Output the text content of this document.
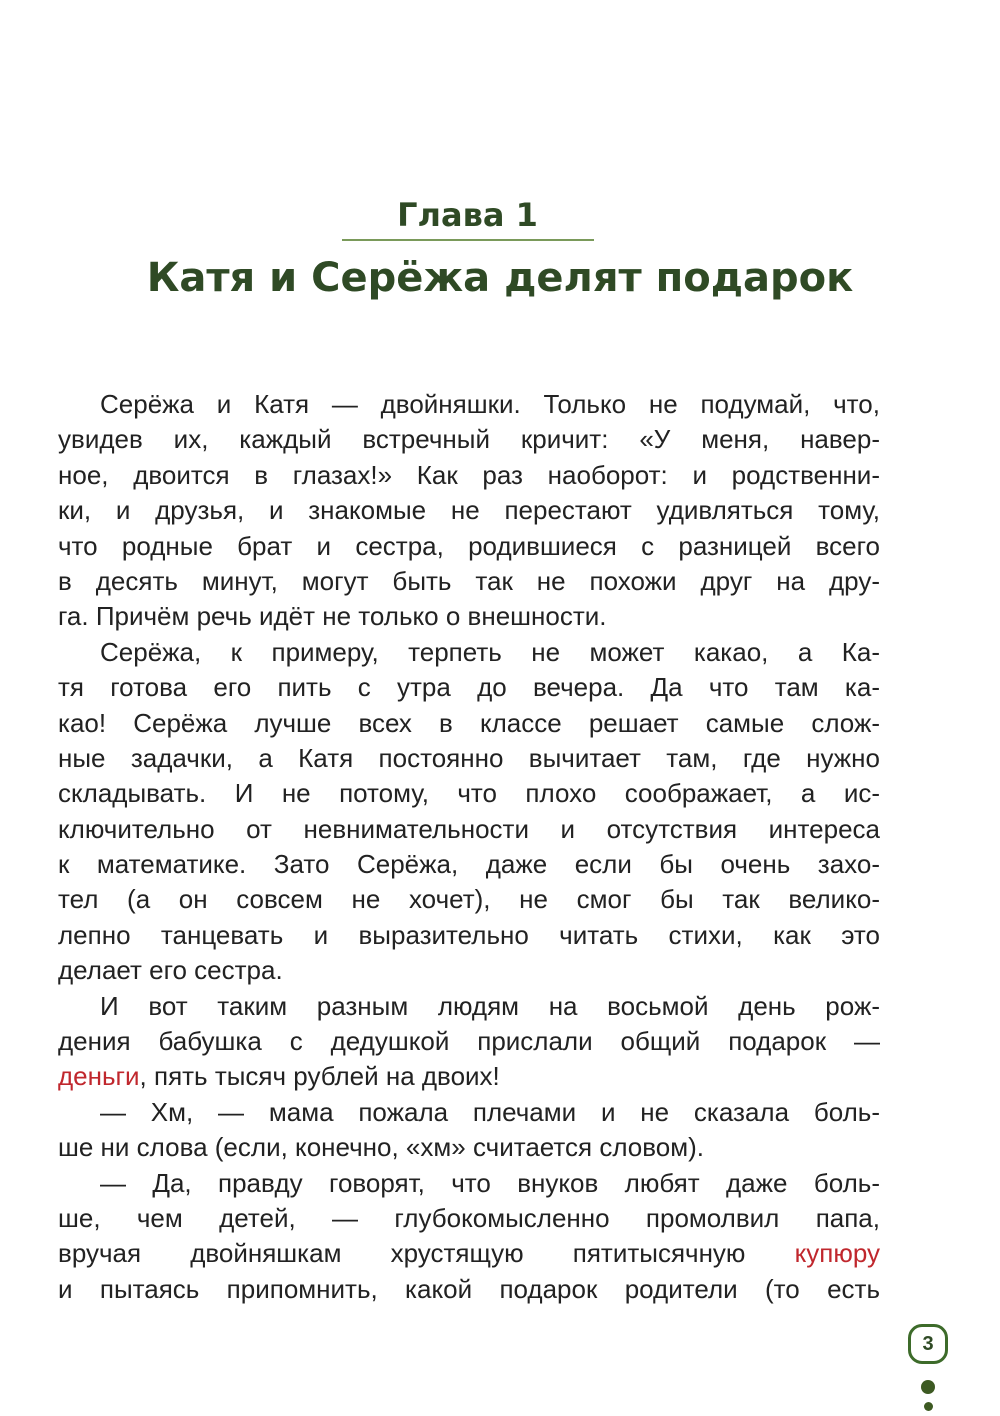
Глава 1
Катя и Серёжа делят подарок
Серёжа и Катя — двойняшки. Только не подумай, что,
увидев их, каждый встречный кричит: «У меня, навер-
ное, двоится в глазах!» Как раз наоборот: и родственни-
ки, и друзья, и знакомые не перестают удивляться тому,
что родные брат и сестра, родившиеся с разницей всего
в десять минут, могут быть так не похожи друг на дру-
га. Причём речь идёт не только о внешности.
Серёжа, к примеру, терпеть не может какао, а Ка-
тя готова его пить с утра до вечера. Да что там ка-
као! Серёжа лучше всех в классе решает самые слож-
ные задачки, а Катя постоянно вычитает там, где нужно
складывать. И не потому, что плохо соображает, а ис-
ключительно от невнимательности и отсутствия интереса
к математике. Зато Серёжа, даже если бы очень захо-
тел (а он совсем не хочет), не смог бы так велико-
лепно танцевать и выразительно читать стихи, как это
делает его сестра.
И вот таким разным людям на восьмой день рож-
дения бабушка с дедушкой прислали общий подарок —
деньги, пять тысяч рублей на двоих!
— Хм, — мама пожала плечами и не сказала боль-
ше ни слова (если, конечно, «хм» считается словом).
— Да, правду говорят, что внуков любят даже боль-
ше, чем детей, — глубокомысленно промолвил папа,
вручая двойняшкам хрустящую пятитысячную купюру
и пытаясь припомнить, какой подарок родители (то есть
3
